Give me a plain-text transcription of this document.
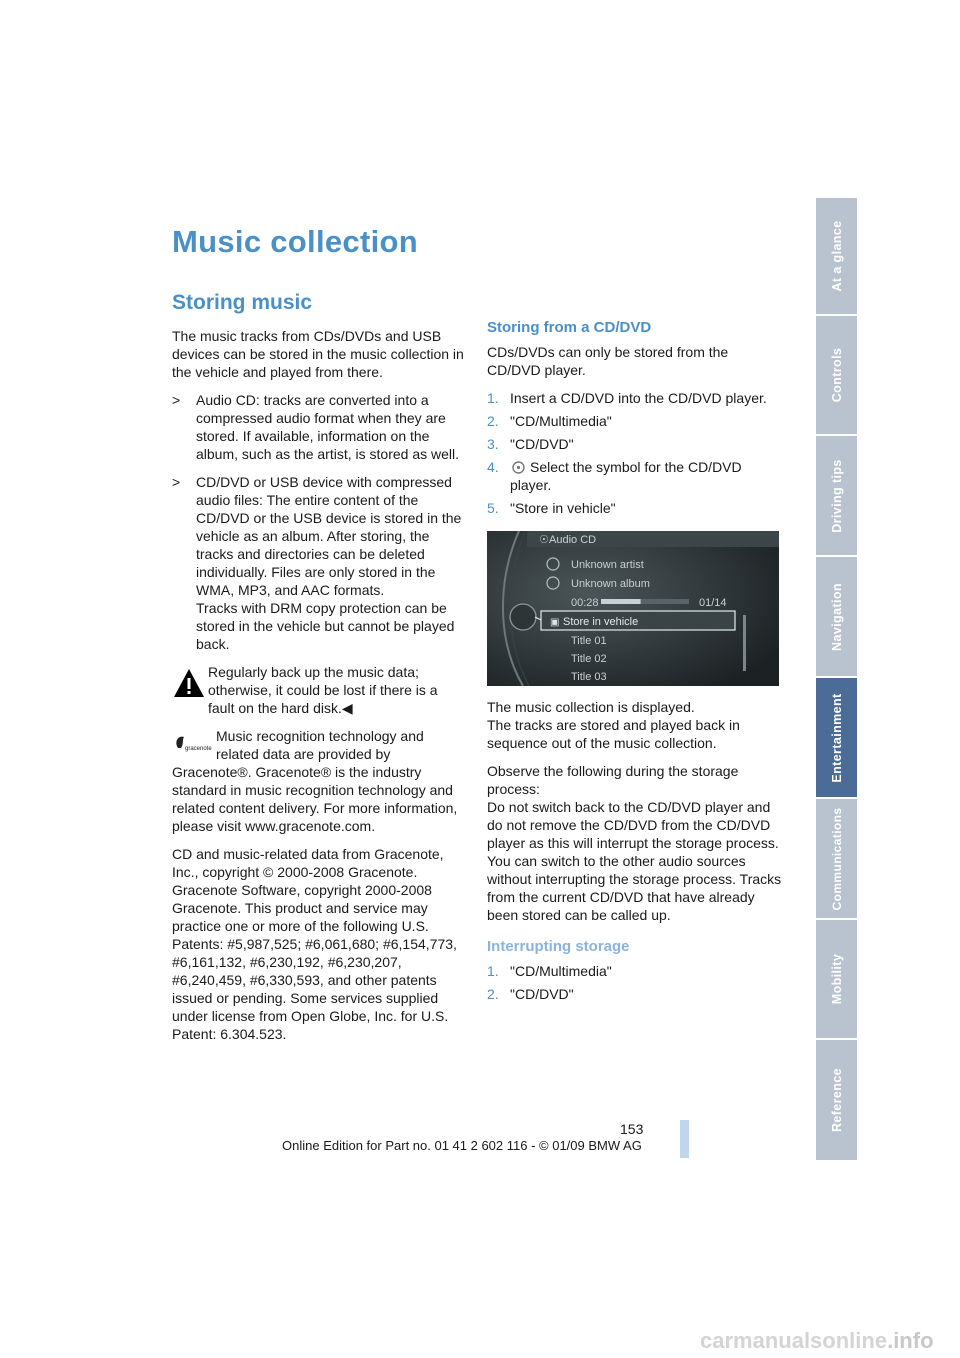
Music collection
Storing music

The music tracks from CDs/DVDs and USB devices can be stored in the music collection in the vehicle and played from there.

> Audio CD: tracks are converted into a compressed audio format when they are stored. If available, information on the album, such as the artist, is stored as well.
> CD/DVD or USB device with compressed audio files: The entire content of the CD/DVD or the USB device is stored in the vehicle as an album. After storing, the tracks and directories can be deleted individually. Files are only stored in the WMA, MP3, and AAC formats.
Tracks with DRM copy protection can be stored in the vehicle but cannot be played back.
Regularly back up the music data; otherwise, it could be lost if there is a fault on the hard disk.◀
gracenote
Music recognition technology and related data are provided by Gracenote®. Gracenote® is the industry standard in music recognition technology and related content delivery. For more information, please visit www.gracenote.com.

CD and music-related data from Gracenote, Inc., copyright © 2000-2008 Gracenote. Gracenote Software, copyright 2000-2008 Gracenote. This product and service may practice one or more of the following U.S. Patents: #5,987,525; #6,061,680; #6,154,773, #6,161,132, #6,230,192, #6,230,207, #6,240,459, #6,330,593, and other patents issued or pending. Some services supplied under license from Open Globe, Inc. for U.S. Patent: 6.304.523.

Storing from a CD/DVD

CDs/DVDs can only be stored from the CD/DVD player.

1. Insert a CD/DVD into the CD/DVD player.
2. "CD/Multimedia"
3. "CD/DVD"
4. Select the symbol for the CD/DVD player.
5. "Store in vehicle"
☉ Audio CD
Unknown artist
Unknown album
00:28	01/14
▣ Store in vehicle
Title 01
Title 02
Title 03

The music collection is displayed.

The tracks are stored and played back in sequence out of the music collection.

Observe the following during the storage process:

Do not switch back to the CD/DVD player and do not remove the CD/DVD from the CD/DVD player as this will interrupt the storage process. You can switch to the other audio sources without interrupting the storage process. Tracks from the current CD/DVD that have already been stored can be called up.

Interrupting storage
1. "CD/Multimedia"
2. "CD/DVD"
At a glance
Controls
Driving tips
Navigation
Entertainment
Communications
Mobility
Reference
153
Online Edition for Part no. 01 41 2 602 116 - © 01/09 BMW AG
carmanualsonline.info
